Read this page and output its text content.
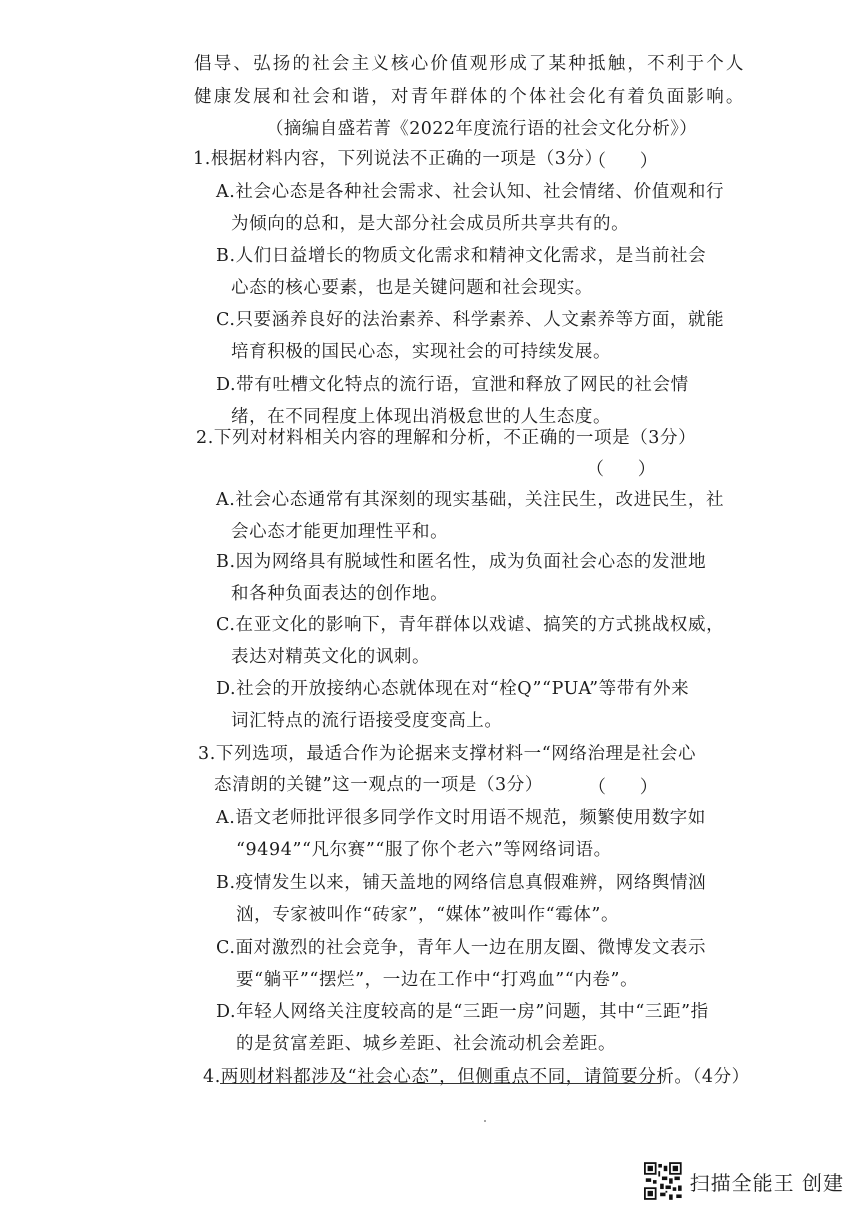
倡导、弘扬的社会主义核心价值观形成了某种抵触，不利于个人
健康发展和社会和谐，对青年群体的个体社会化有着负面影响。
（摘编自盛若菁《2022年度流行语的社会文化分析》）
1.根据材料内容，下列说法不正确的一项是（3分）
（ ）
A.社会心态是各种社会需求、社会认知、社会情绪、价值观和行
为倾向的总和，是大部分社会成员所共享共有的。
B.人们日益增长的物质文化需求和精神文化需求，是当前社会
心态的核心要素，也是关键问题和社会现实。
C.只要涵养良好的法治素养、科学素养、人文素养等方面，就能
培育积极的国民心态，实现社会的可持续发展。
D.带有吐槽文化特点的流行语，宣泄和释放了网民的社会情
绪，在不同程度上体现出消极怠世的人生态度。
2.下列对材料相关内容的理解和分析，不正确的一项是（3分）
（ ）
A.社会心态通常有其深刻的现实基础，关注民生，改进民生，社
会心态才能更加理性平和。
B.因为网络具有脱域性和匿名性，成为负面社会心态的发泄地
和各种负面表达的创作地。
C.在亚文化的影响下，青年群体以戏谑、搞笑的方式挑战权威，
表达对精英文化的讽刺。
D.社会的开放接纳心态就体现在对“栓Q”“PUA”等带有外来
词汇特点的流行语接受度变高上。
3.下列选项，最适合作为论据来支撑材料一“网络治理是社会心
态清朗的关键”这一观点的一项是（3分）	（ ）
A.语文老师批评很多同学作文时用语不规范，频繁使用数字如
“9494”“凡尔赛”“服了你个老六”等网络词语。
B.疫情发生以来，铺天盖地的网络信息真假难辨，网络舆情汹
汹，专家被叫作“砖家”，“媒体”被叫作“霉体”。
C.面对激烈的社会竞争，青年人一边在朋友圈、微博发文表示
要“躺平”“摆烂”，一边在工作中“打鸡血”“内卷”。
D.年轻人网络关注度较高的是“三距一房”问题，其中“三距”指
的是贫富差距、城乡差距、社会流动机会差距。
4.两则材料都涉及“社会心态”，但侧重点不同，请简要分析。（4分）
扫描全能王 创建
